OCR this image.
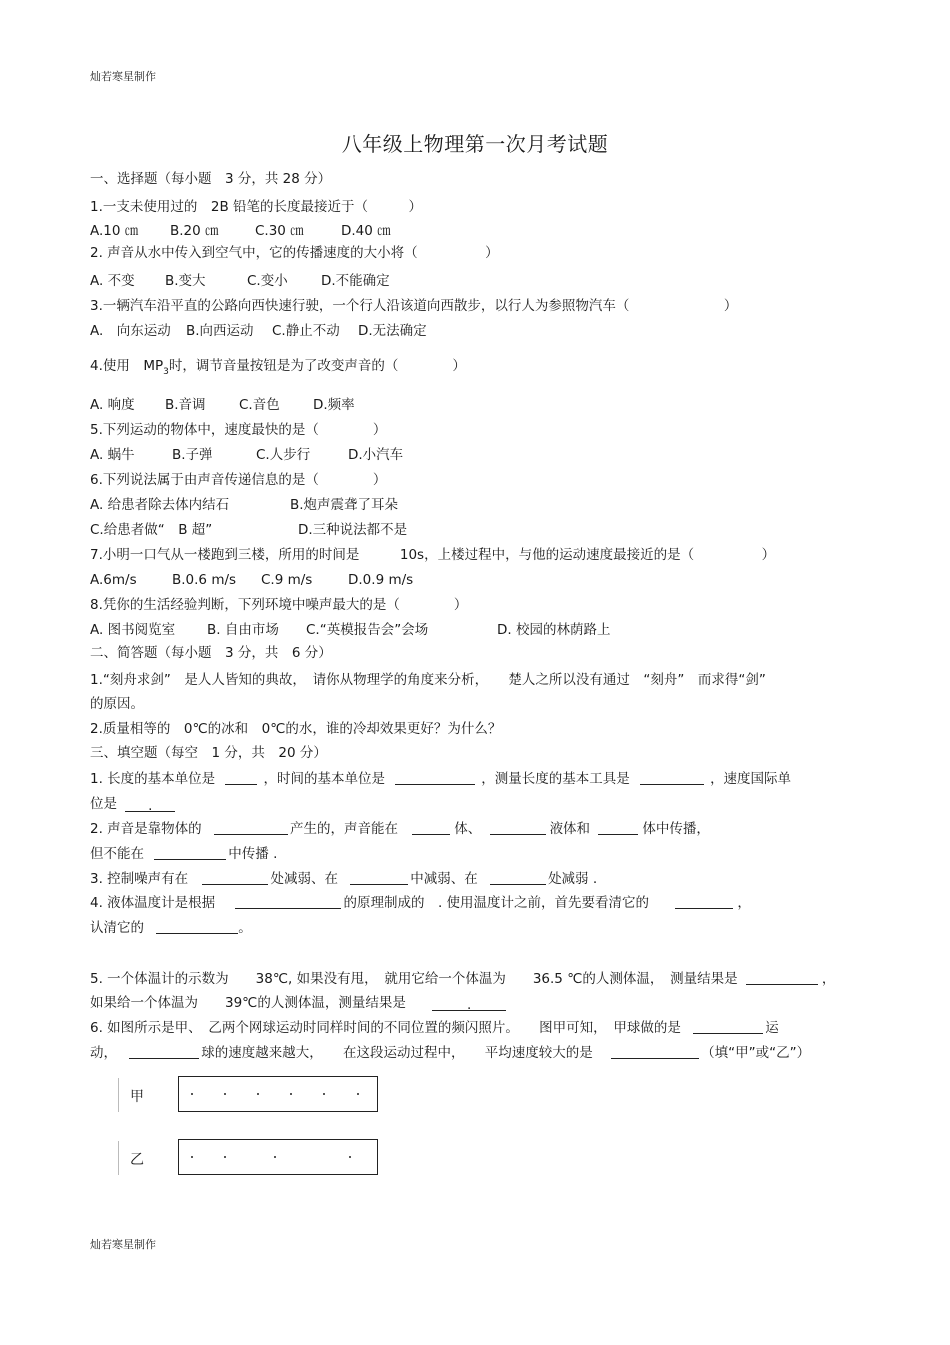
灿若寒星制作
八年级上物理第一次月考试题
一、选择题（每小题　3 分，共 28 分）
1.一支未使用过的　2B 铅笔的长度最接近于（　　　）
A.10 ㎝ B.20 ㎝	C.30 ㎝	D.40 ㎝
2. 声音从水中传入到空气中，它的传播速度的大小将（　　　　　）
A. 不变 B.变大	C.变小 D.不能确定
3.一辆汽车沿平直的公路向西快速行驶，一个行人沿该道向西散步，以行人为参照物汽车（　　　　　　　）
A.　向东运动 B.向西运动 C.静止不动 D.无法确定
4.使用　$MP_3$时，调节音量按钮是为了改变声音的（　　　　）
A. 响度 B.音调 C.音色 D.频率
5.下列运动的物体中，速度最快的是（　　　　）
A. 蜗牛	B.子弹	C.人步行	D.小汽车
6.下列说法属于由声音传递信息的是（　　　　）
A. 给患者除去体内结石	B.炮声震聋了耳朵
C.给患者做“　B 超”	D.三种说法都不是
7.小明一口气从一楼跑到三楼，所用的时间是　　　10s，上楼过程中，与他的运动速度最接近的是（　　　　　）
A.6m/s	B.0.6 m/s C.9 m/s	D.0.9 m/s
8.凭你的生活经验判断，下列环境中噪声最大的是（　　　　）
A. 图书阅览室 B. 自由市场 C.“英模报告会”会场	D. 校园的林荫路上
二、简答题（每小题　3 分，共　6 分）
1.“刻舟求剑”　是人人皆知的典故，　请你从物理学的角度来分析，　　楚人之所以没有通过　“刻舟”　而求得“剑”
的原因。
2.质量相等的　0℃的冰和　0℃的水，谁的冷却效果更好？为什么？
三、填空题（每空　1 分，共　20 分）
1. 长度的基本单位是	，时间的基本单位是	，测量长度的基本工具是	，速度国际单
位是 .
2. 声音是靠物体的	产生的，声音能在	体、	液体和	体中传播，
但不能在	中传播 .
3. 控制噪声有在	处减弱、在	中减弱、在	处减弱 .
4. 液体温度计是根据	的原理制成的　. 使用温度计之前，首先要看清它的	，
认清它的	。
5. 一个体温计的示数为　　38℃, 如果没有甩，　就用它给一个体温为　　36.5 ℃的人测体温，　测量结果是	，
如果给一个体温为　　39℃的人测体温，测量结果是	.
6. 如图所示是甲、　乙两个网球运动时同样时间的不同位置的频闪照片。　　图甲可知，　甲球做的是	运
动，	球的速度越来越大，　　在这段运动过程中，　　平均速度较大的是	（填“甲”或“乙”）
甲
乙
灿若寒星制作
